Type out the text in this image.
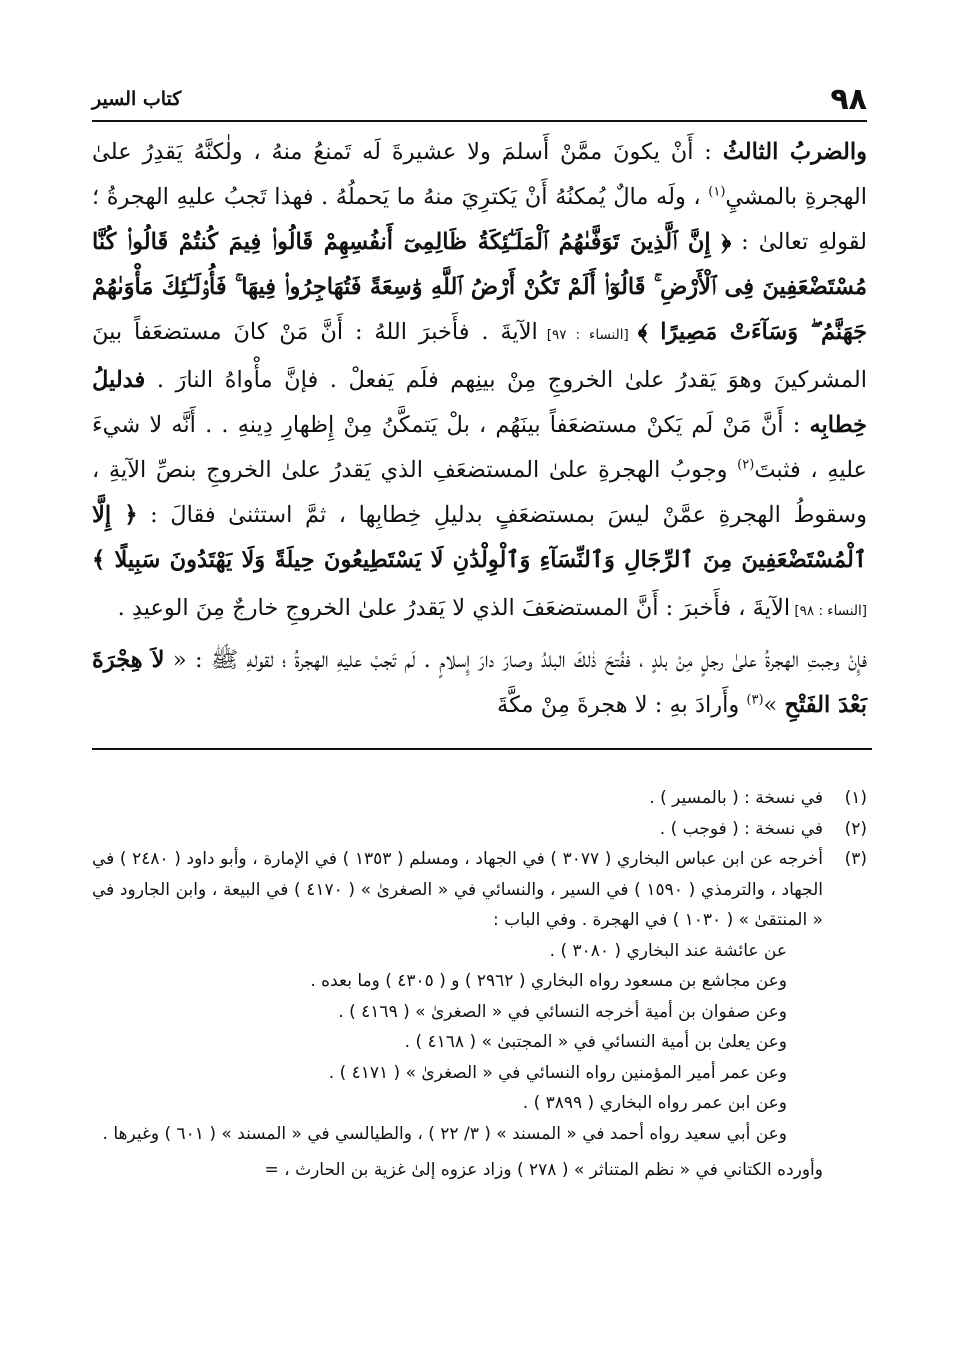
٩٨
كتاب السير

والضربُ الثالثُ : أَنْ يكونَ ممَّنْ أَسلمَ ولا عشيرةَ لَه تَمنعُ منهُ ، ولٰكنَّهُ يَقدِرُ علىٰ الهجرةِ بالمشيِ$^{(١)}$ ، ولَه مالٌ يُمكنُهُ أَنْ يَكترِيَ منهُ ما يَحملُهُ . فهذا تَجبُ عليهِ الهجرةُ ؛ لقولهِ تعالىٰ : ﴿ إِنَّ ٱلَّذِينَ تَوَفَّىٰهُمُ ٱلْمَلَـٰٓئِكَةُ ظَالِمِىٓ أَنفُسِهِمْ قَالُوا۟ فِيمَ كُنتُمْ قَالُوا۟ كُنَّا مُسْتَضْعَفِينَ فِى ٱلْأَرْضِ ۚ قَالُوٓا۟ أَلَمْ تَكُنْ أَرْضُ ٱللَّهِ وَٰسِعَةً فَتُهَاجِرُوا۟ فِيهَا ۚ فَأُو۟لَـٰٓئِكَ مَأْوَىٰهُمْ جَهَنَّمُ ۖ وَسَآءَتْ مَصِيرًا ﴾ [النساء : ٩٧] الآيةَ . فأَخبرَ اللهُ : أَنَّ مَنْ كانَ مستضعَفاً بينَ المشركينَ وهوَ يَقدرُ علىٰ الخروجِ مِنْ بينِهم فلَم يَفعلْ . فإنَّ مأْواهُ النارَ . فدليلُ خِطابِه : أَنَّ مَنْ لَم يَكنْ مستضعَفاً بينَهُم ، بلْ يَتمكَّنُ مِنْ إِظهارِ دِينهِ . . أَنَّه لا شيءَ عليهِ ، فثبتَ$^{(٢)}$ وجوبُ الهجرةِ علىٰ المستضعَفِ الذي يَقدرُ علىٰ الخروجِ بنصِّ الآيةِ ، وسقوطُ الهجرةِ عمَّنْ ليسَ بمستضعَفٍ بدليلِ خِطابِها ، ثمَّ استثنىٰ فقالَ : ﴿ إِلَّا ٱلْمُسْتَضْعَفِينَ مِنَ ٱلرِّجَالِ وَٱلنِّسَآءِ وَٱلْوِلْدَٰنِ لَا يَسْتَطِيعُونَ حِيلَةً وَلَا يَهْتَدُونَ سَبِيلًا ﴾ [النساء : ٩٨] الآيةَ ، فأَخبرَ : أَنَّ المستضعَفَ الذي لا يَقدرُ علىٰ الخروجِ خارجٌ مِنَ الوعيدِ .

فإِنْ وجبتِ الهجرةُ علىٰ رجلٍ مِنْ بلدٍ ، ففُتحَ ذٰلكَ البلدُ وصارَ دارَ إِسلامٍ . لَم تَجبْ عليهِ الهجرةُ ؛ لقولهِ ﷺ : « لاَ هِجْرَةَ بَعْدَ الفَتْحِ »$^{(٣)}$ وأَرادَ بهِ : لا هجرةَ مِنْ مكَّةَ

(١)
في نسخة : ( بالمسير ) .
(٢)
في نسخة : ( فوجب ) .
(٣)
أخرجه عن ابن عباس البخاري ( ٣٠٧٧ ) في الجهاد ، ومسلم ( ١٣٥٣ ) في الإمارة ، وأبو داود ( ٢٤٨٠ ) في الجهاد ، والترمذي ( ١٥٩٠ ) في السير ، والنسائي في « الصغرىٰ » ( ٤١٧٠ ) في البيعة ، وابن الجارود في « المنتقىٰ » ( ١٠٣٠ ) في الهجرة . وفي الباب :
عن عائشة عند البخاري ( ٣٠٨٠ ) .
وعن مجاشع بن مسعود رواه البخاري ( ٢٩٦٢ ) و ( ٤٣٠٥ ) وما بعده .
وعن صفوان بن أمية أخرجه النسائي في « الصغرىٰ » ( ٤١٦٩ ) .
وعن يعلىٰ بن أمية النسائي في « المجتبىٰ » ( ٤١٦٨ ) .
وعن عمر أمير المؤمنين رواه النسائي في « الصغرىٰ » ( ٤١٧١ ) .
وعن ابن عمر رواه البخاري ( ٣٨٩٩ ) .
وعن أبي سعيد رواه أحمد في « المسند » ( ٣/ ٢٢ ) ، والطيالسي في « المسند » ( ٦٠١ ) وغيرها .
وأورده الكتاني في « نظم المتناثر » ( ٢٧٨ ) وزاد عزوه إلىٰ غزية بن الحارث ، =
